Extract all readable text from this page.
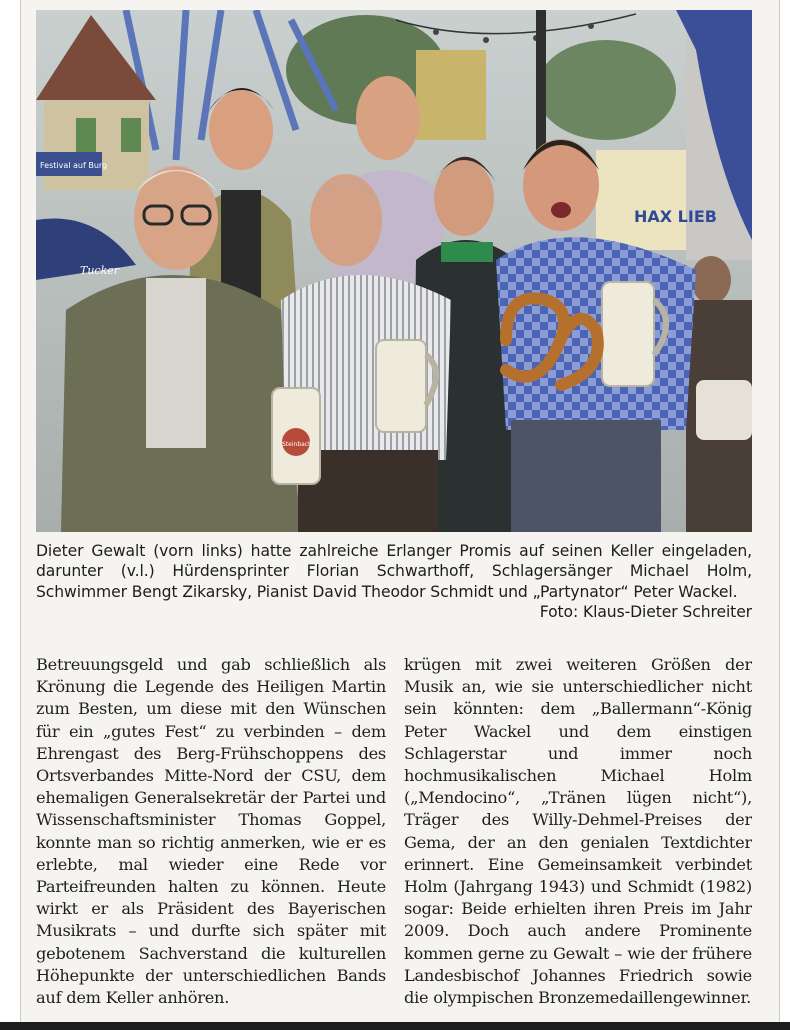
Festival auf Burg
Tucker
HAX LIEB
Steinbach

Dieter Gewalt (vorn links) hatte zahlreiche Erlanger Promis auf seinen Keller eingeladen, darunter (v.l.) Hürdensprinter Florian Schwarthoff, Schlagersänger Michael Holm, Schwimmer Bengt Zikarsky, Pianist David Theodor Schmidt und „Partynator“ Peter Wackel.
Foto: Klaus-Dieter Schreiter

Betreuungsgeld und gab schließlich als Krönung die Legende des Heiligen Martin zum Besten, um diese mit den Wünschen für ein „gutes Fest“ zu verbinden – dem Ehrengast des Berg-Frühschoppens des Ortsverbandes Mitte-Nord der CSU, dem ehemaligen Generalsekretär der Partei und Wissenschaftsminister Thomas Goppel, konnte man so richtig anmerken, wie er es erlebte, mal wieder eine Rede vor Parteifreunden halten zu können. Heute wirkt er als Präsident des Bayerischen Musikrats – und durfte sich später mit gebotenem Sachverstand die kulturellen Höhepunkte der unterschiedlichen Bands auf dem Keller anhören.

krügen mit zwei weiteren Größen der Musik an, wie sie unterschiedlicher nicht sein könnten: dem „Ballermann“-König Peter Wackel und dem einstigen Schlagerstar und immer noch hochmusikalischen Michael Holm („Mendocino“, „Tränen lügen nicht“), Träger des Willy-Dehmel-Preises der Gema, der an den genialen Textdichter erinnert. Eine Gemeinsamkeit verbindet Holm (Jahrgang 1943) und Schmidt (1982) sogar: Beide erhielten ihren Preis im Jahr 2009. Doch auch andere Prominente kommen gerne zu Gewalt – wie der frühere Landesbischof Johannes Friedrich sowie die olympischen Bronzemedaillengewinner.
